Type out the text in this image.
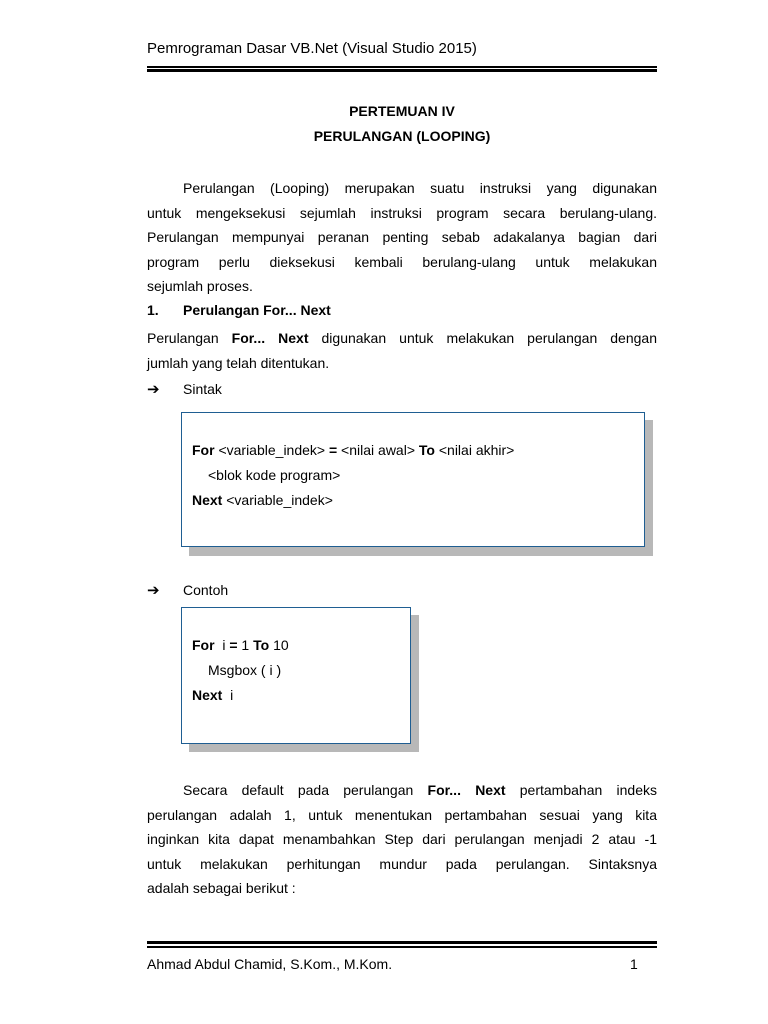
Pemrograman Dasar VB.Net (Visual Studio 2015)
PERTEMUAN IV
PERULANGAN (LOOPING)
Perulangan (Looping) merupakan suatu instruksi yang digunakan
untuk mengeksekusi sejumlah instruksi program secara berulang-ulang.
Perulangan mempunyai peranan penting sebab adakalanya bagian dari
program perlu dieksekusi kembali berulang-ulang untuk melakukan
sejumlah proses.
1. Perulangan For... Next
Perulangan For... Next digunakan untuk melakukan perulangan dengan
jumlah yang telah ditentukan.
➔ Sintak
For <variable_indek> = <nilai awal> To <nilai akhir>
<blok kode program>
Next <variable_indek>
➔ Contoh
For  i = 1 To 10
Msgbox ( i )
Next  i
Secara default pada perulangan For... Next pertambahan indeks
perulangan adalah 1, untuk menentukan pertambahan sesuai yang kita
inginkan kita dapat menambahkan Step dari perulangan menjadi 2 atau -1
untuk melakukan perhitungan mundur pada perulangan. Sintaksnya
adalah sebagai berikut :
Ahmad Abdul Chamid, S.Kom., M.Kom.	1
